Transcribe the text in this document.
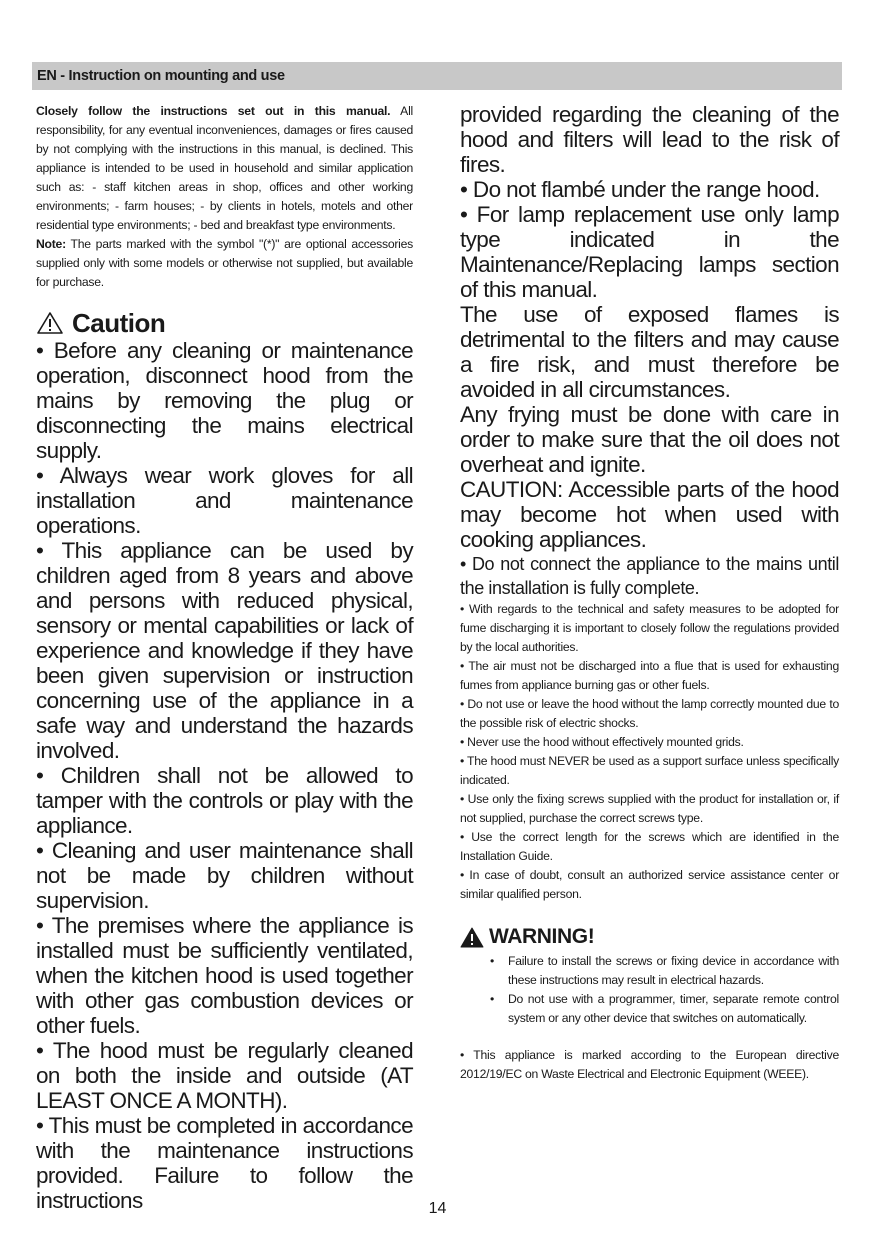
EN - Instruction on mounting and use

Closely follow the instructions set out in this manual. All responsibility, for any eventual inconveniences, damages or fires caused by not complying with the instructions in this manual, is declined. This appliance is intended to be used in household and similar application such as: - staff kitchen areas in shop, offices and other working environments; - farm houses; - by clients in hotels, motels and other residential type environments; - bed and breakfast type environments.

Note: The parts marked with the symbol "(*)" are optional accessories supplied only with some models or otherwise not supplied, but available for purchase.

Caution

• Before any cleaning or maintenance operation, disconnect hood from the mains by removing the plug or disconnecting the mains electrical supply.

• Always wear work gloves for all installation and maintenance operations.

• This appliance can be used by children aged from 8 years and above and persons with reduced physical, sensory or mental capabilities or lack of experience and knowledge if they have been given supervision or instruction concerning use of the appliance in a safe way and understand the hazards involved.

• Children shall not be allowed to tamper with the controls or play with the appliance.

• Cleaning and user maintenance shall not be made by children without supervision.

• The premises where the appliance is installed must be sufficiently ventilated, when the kitchen hood is used together with other gas combustion devices or other fuels.

• The hood must be regularly cleaned on both the inside and outside (AT LEAST ONCE A MONTH).

• This must be completed in accordance with the maintenance instructions provided. Failure to follow the instructions

provided regarding the cleaning of the hood and filters will lead to the risk of fires.

• Do not flambé under the range hood.

• For lamp replacement use only lamp type indicated in the Maintenance/Replacing lamps section of this manual.

The use of exposed flames is detrimental to the filters and may cause a fire risk, and must therefore be avoided in all circumstances.

Any frying must be done with care in order to make sure that the oil does not overheat and ignite.

CAUTION: Accessible parts of the hood may become hot when used with cooking appliances.

• Do not connect the appliance to the mains until the installation is fully complete.

• With regards to the technical and safety measures to be adopted for fume discharging it is important to closely follow the regulations provided by the local authorities.

• The air must not be discharged into a flue that is used for exhausting fumes from appliance burning gas or other fuels.

• Do not use or leave the hood without the lamp correctly mounted due to the possible risk of electric shocks.

• Never use the hood without effectively mounted grids.

• The hood must NEVER be used as a support surface unless specifically indicated.

• Use only the fixing screws supplied with the product for installation or, if not supplied, purchase the correct screws type.

• Use the correct length for the screws which are identified in the Installation Guide.

• In case of doubt, consult an authorized service assistance center or similar qualified person.

WARNING!
• Failure to install the screws or fixing device in accordance with these instructions may result in electrical hazards.
• Do not use with a programmer, timer, separate remote control system or any other device that switches on automatically.

• This appliance is marked according to the European directive 2012/19/EC on Waste Electrical and Electronic Equipment (WEEE).

14
